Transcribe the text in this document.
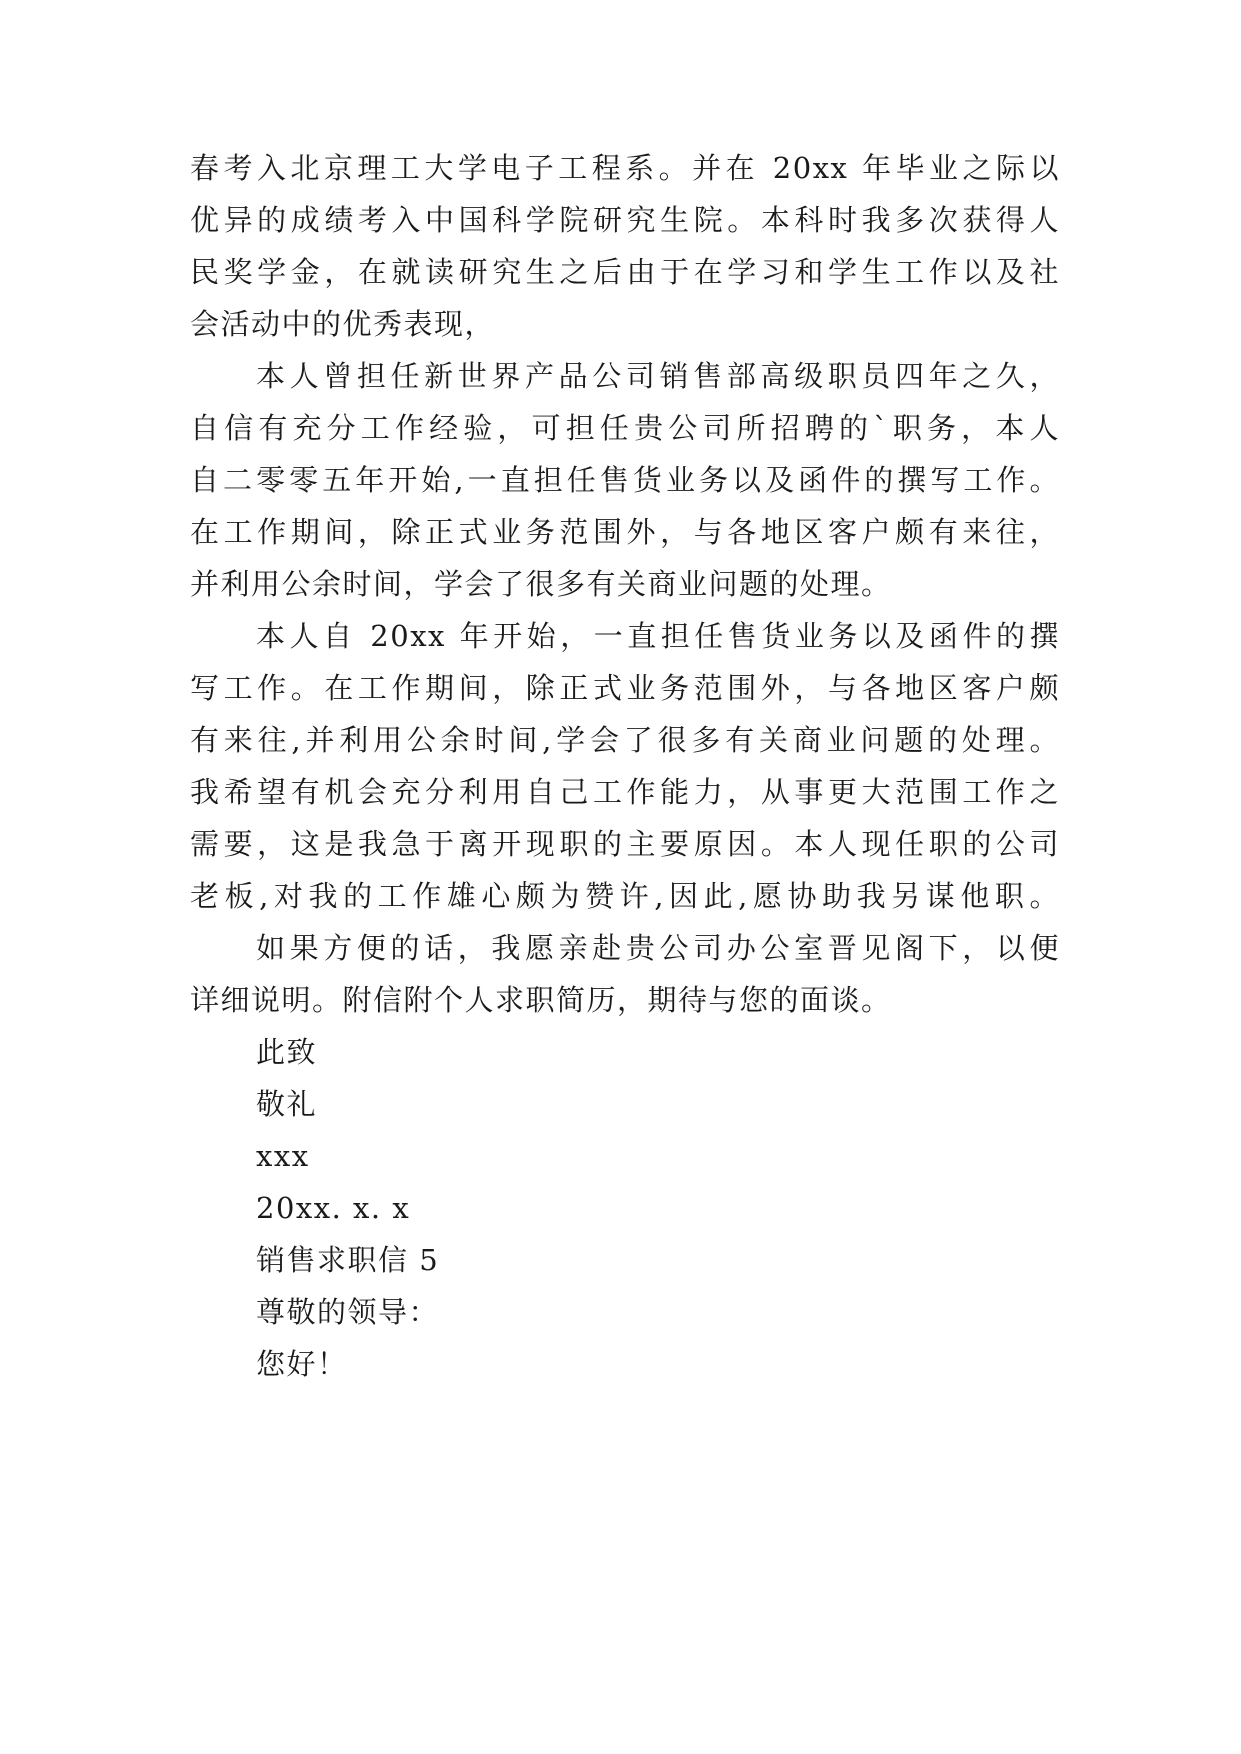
春考入北京理工大学电子工程系。并在 20xx 年毕业之际以
优异的成绩考入中国科学院研究生院。本科时我多次获得人
民奖学金，在就读研究生之后由于在学习和学生工作以及社
会活动中的优秀表现，
本人曾担任新世界产品公司销售部高级职员四年之久，
自信有充分工作经验，可担任贵公司所招聘的`职务，本人
自二零零五年开始,一直担任售货业务以及函件的撰写工作。
在工作期间，除正式业务范围外，与各地区客户颇有来往，
并利用公余时间，学会了很多有关商业问题的处理。
本人自 20xx 年开始，一直担任售货业务以及函件的撰
写工作。在工作期间，除正式业务范围外，与各地区客户颇
有来往,并利用公余时间,学会了很多有关商业问题的处理。
我希望有机会充分利用自己工作能力，从事更大范围工作之
需要，这是我急于离开现职的主要原因。本人现任职的公司
老板,对我的工作雄心颇为赞许,因此,愿协助我另谋他职。
如果方便的话，我愿亲赴贵公司办公室晋见阁下，以便
详细说明。附信附个人求职简历，期待与您的面谈。
此致
敬礼
xxx
20xx. x. x
销售求职信 5
尊敬的领导：
您好！
